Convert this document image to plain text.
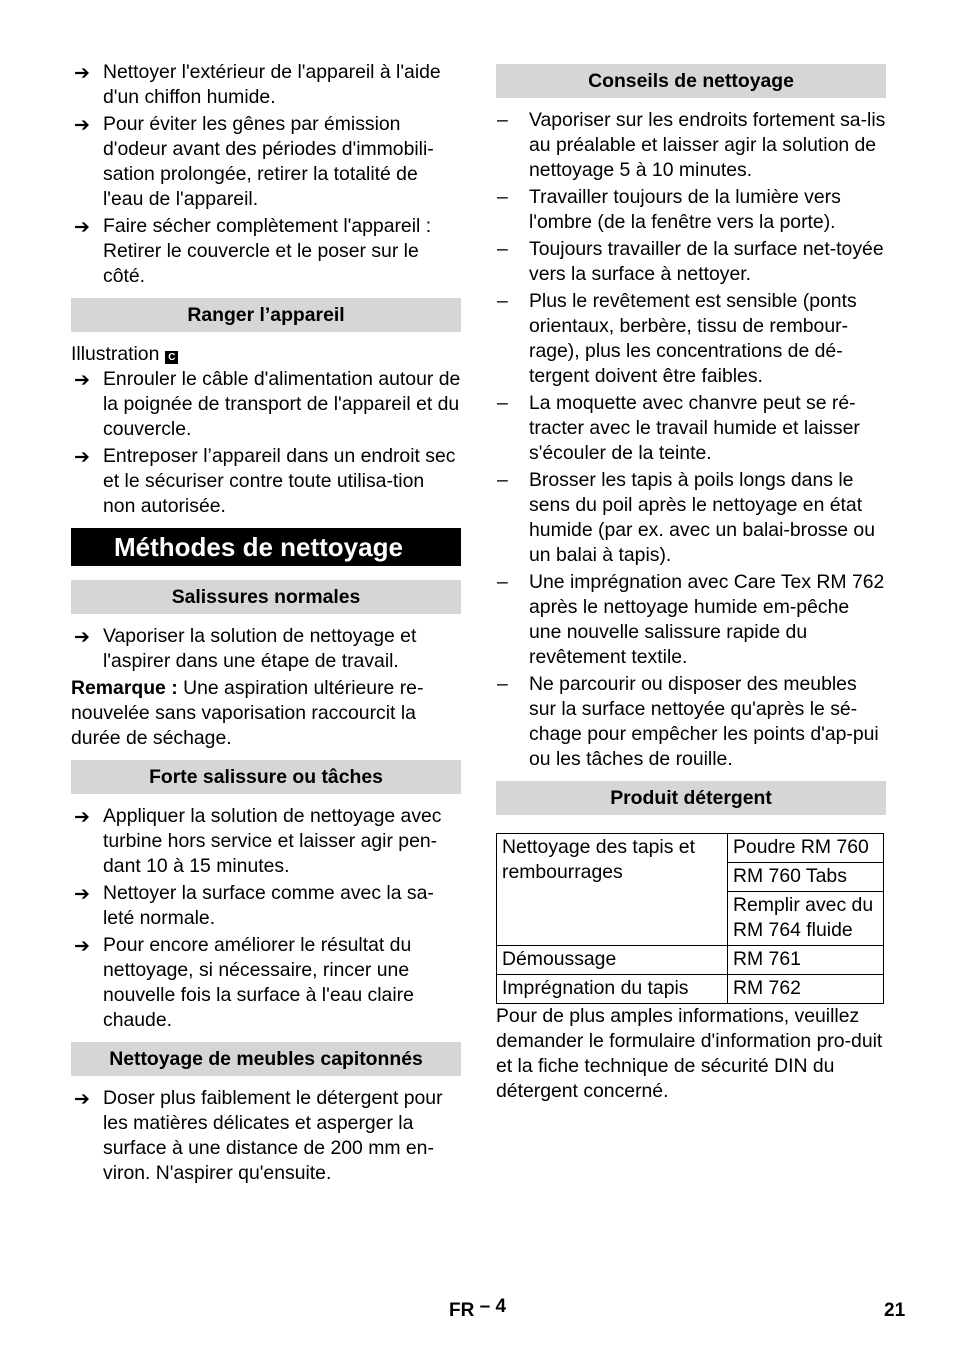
➔ Nettoyer l'extérieur de l'appareil à l'aide d'un chiffon humide.
➔ Pour éviter les gênes par émission d'odeur avant des périodes d'immobili-sation prolongée, retirer la totalité de l'eau de l'appareil.
➔ Faire sécher complètement l'appareil : Retirer le couvercle et le poser sur le côté.
Ranger l’appareil

Illustration C

➔ Enrouler le câble d'alimentation autour de la poignée de transport de l'appareil et du couvercle.
➔ Entreposer l’appareil dans un endroit sec et le sécuriser contre toute utilisa-tion non autorisée.
Méthodes de nettoyage
Salissures normales
➔ Vaporiser la solution de nettoyage et l'aspirer dans une étape de travail.

Remarque : Une aspiration ultérieure re-nouvelée sans vaporisation raccourcit la durée de séchage.

Forte salissure ou tâches
➔ Appliquer la solution de nettoyage avec turbine hors service et laisser agir pen-dant 10 à 15 minutes.
➔ Nettoyer la surface comme avec la sa-leté normale.
➔ Pour encore améliorer le résultat du nettoyage, si nécessaire, rincer une nouvelle fois la surface à l'eau claire chaude.
Nettoyage de meubles capitonnés
➔ Doser plus faiblement le détergent pour les matières délicates et asperger la surface à une distance de 200 mm en-viron. N'aspirer qu'ensuite.
Conseils de nettoyage
– Vaporiser sur les endroits fortement sa-lis au préalable et laisser agir la solution de nettoyage 5 à 10 minutes.
– Travailler toujours de la lumière vers l'ombre (de la fenêtre vers la porte).
– Toujours travailler de la surface net-toyée vers la surface à nettoyer.
– Plus le revêtement est sensible (ponts orientaux, berbère, tissu de rembour-rage), plus les concentrations de dé-tergent doivent être faibles.
– La moquette avec chanvre peut se ré-tracter avec le travail humide et laisser s'écouler de la teinte.
– Brosser les tapis à poils longs dans le sens du poil après le nettoyage en état humide (par ex. avec un balai-brosse ou un balai à tapis).
– Une imprégnation avec Care Tex RM 762 après le nettoyage humide em-pêche une nouvelle salissure rapide du revêtement textile.
– Ne parcourir ou disposer des meubles sur la surface nettoyée qu'après le sé-chage pour empêcher les points d'ap-pui ou les tâches de rouille.
Produit détergent
Nettoyage des tapis et rembourrages	Poudre RM 760
	RM 760 Tabs
	Remplir avec du RM 764 fluide
Démoussage	RM 761
Imprégnation du tapis	RM 762

Pour de plus amples informations, veuillez demander le formulaire d'information pro-duit et la fiche technique de sécurité DIN du détergent concerné.

FR – 4	21
